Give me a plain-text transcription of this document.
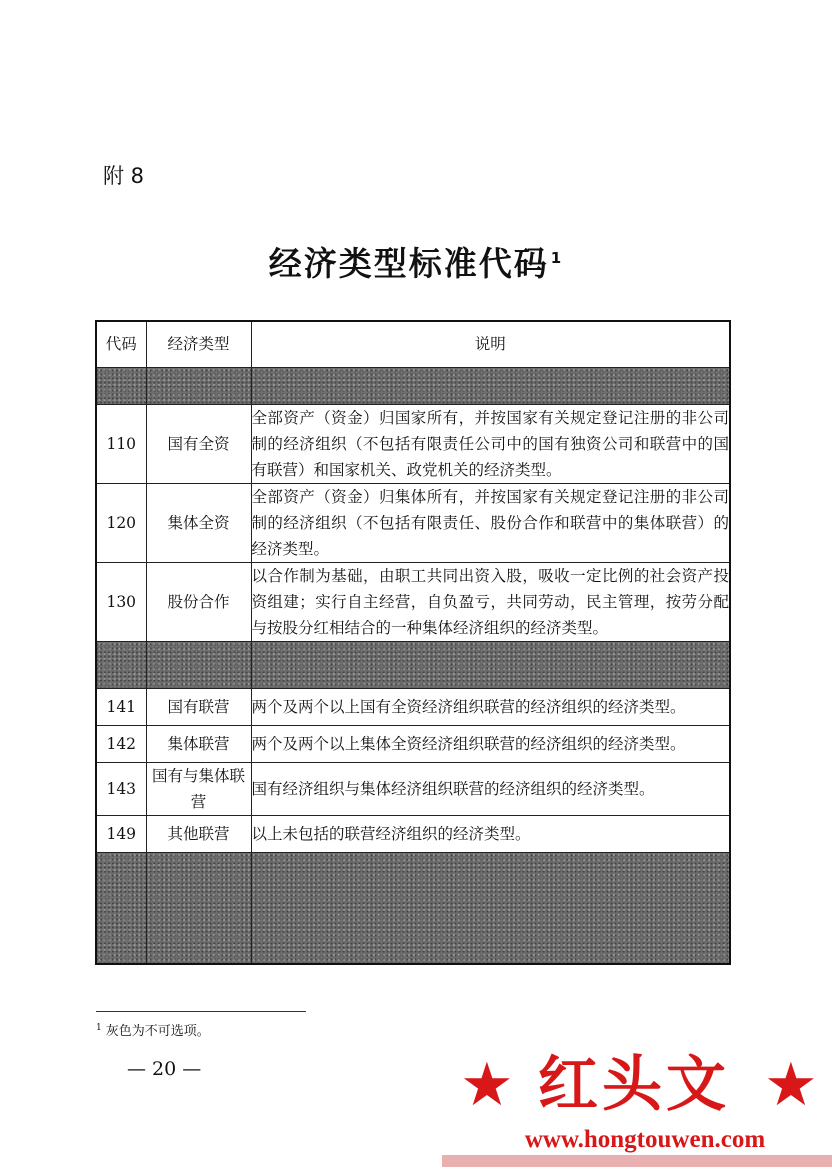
附 8
经济类型标准代码 $^1$
代码	经济类型	说明

110	国有全资	全部资产（资金）归国家所有，并按国家有关规定登记注册的非公司制的经济组织（不包括有限责任公司中的国有独资公司和联营中的国有联营）和国家机关、政党机关的经济类型。
120	集体全资	全部资产（资金）归集体所有，并按国家有关规定登记注册的非公司制的经济组织（不包括有限责任、股份合作和联营中的集体联营）的经济类型。
130	股份合作	以合作制为基础，由职工共同出资入股，吸收一定比例的社会资产投资组建；实行自主经营，自负盈亏，共同劳动，民主管理，按劳分配与按股分红相结合的一种集体经济组织的经济类型。

141	国有联营	两个及两个以上国有全资经济组织联营的经济组织的经济类型。
142	集体联营	两个及两个以上集体全资经济组织联营的经济组织的经济类型。
143	国有与集体联营	国有经济组织与集体经济组织联营的经济组织的经济类型。
149	其他联营	以上未包括的联营经济组织的经济类型。

$^1$ 灰色为不可选项。
— 20 —	★ 红头文 ★
www.hongtouwen.com
